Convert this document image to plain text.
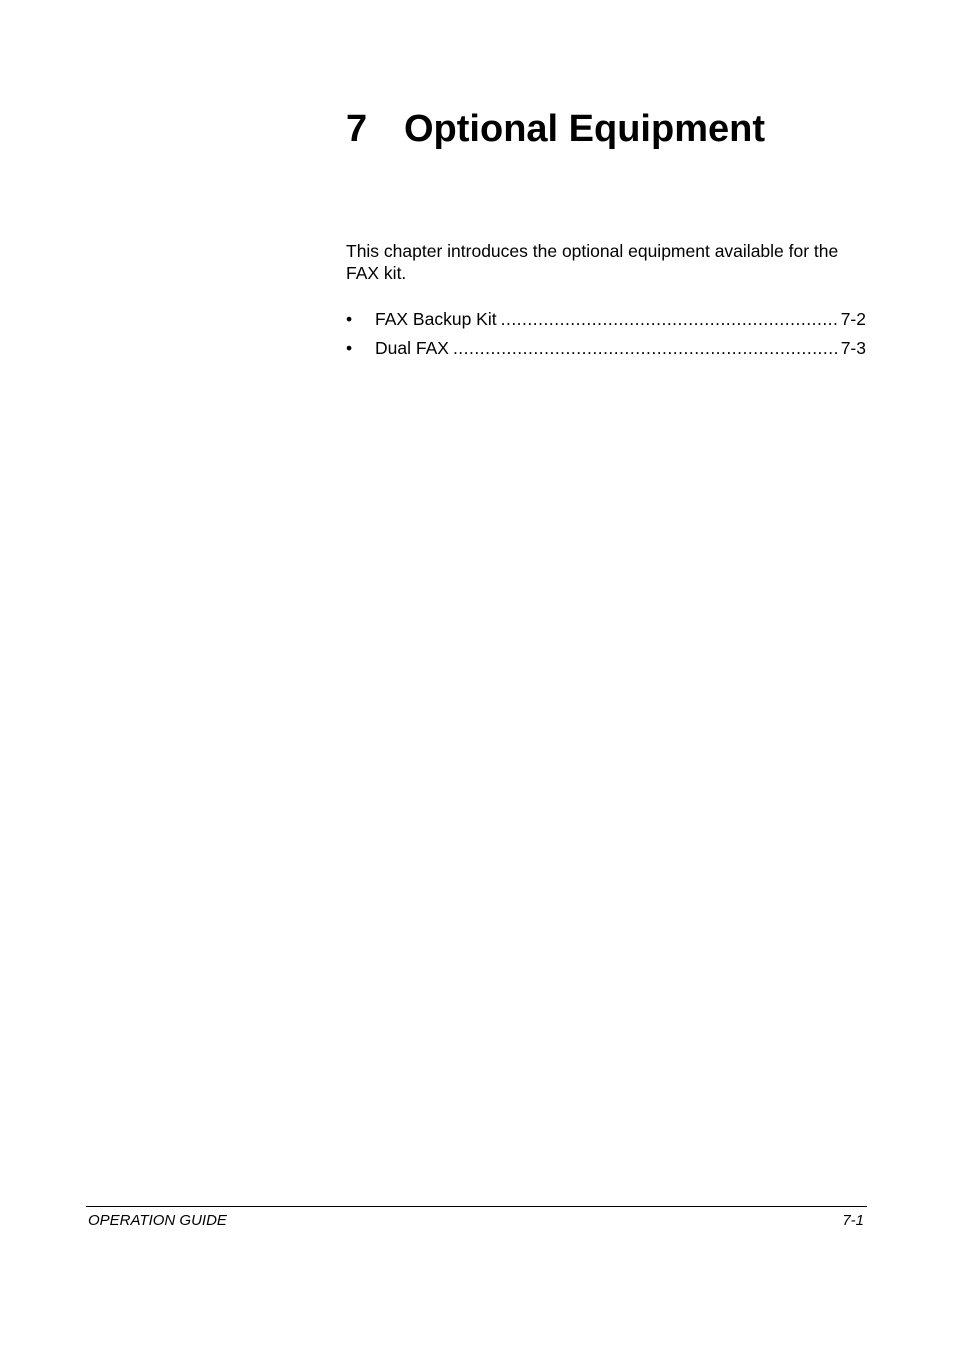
7 Optional Equipment

This chapter introduces the optional equipment available for the FAX kit.

•	FAX Backup Kit .....	7-2
•	Dual FAX .....	7-3
OPERATION GUIDE	7-1
